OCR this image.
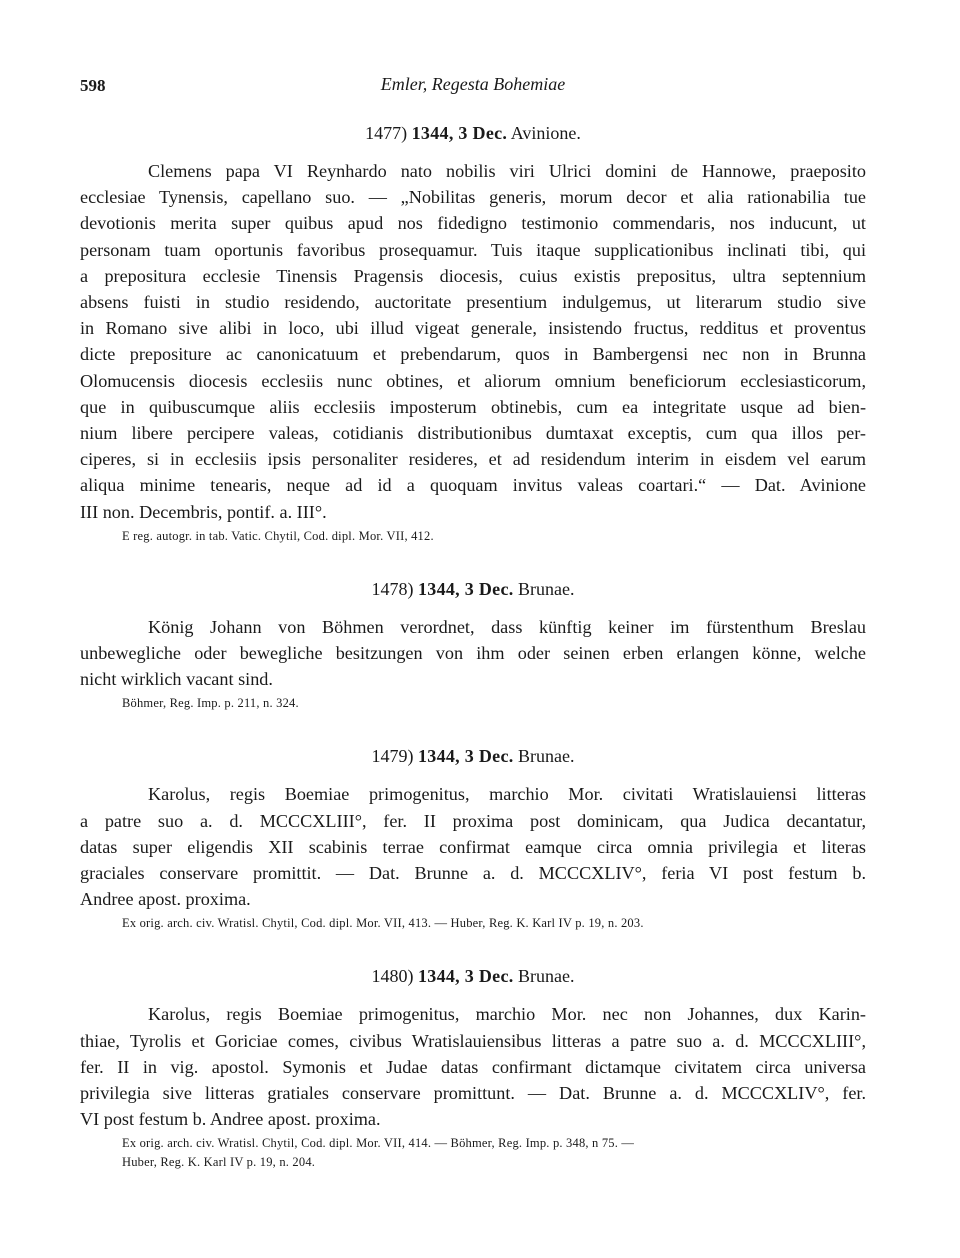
598	Emler, Regesta Bohemiae
1477) 1344, 3 Dec. Avinione.
Clemens papa VI Reynhardo nato nobilis viri Ulrici domini de Hannowe, praeposito
ecclesiae Tynensis, capellano suo. — „Nobilitas generis, morum decor et alia rationabilia tue
devotionis merita super quibus apud nos fidedigno testimonio commendaris, nos inducunt, ut
personam tuam oportunis favoribus prosequamur. Tuis itaque supplicationibus inclinati tibi, qui
a prepositura ecclesie Tinensis Pragensis diocesis, cuius existis prepositus, ultra septennium
absens fuisti in studio residendo, auctoritate presentium indulgemus, ut literarum studio sive
in Romano sive alibi in loco, ubi illud vigeat generale, insistendo fructus, redditus et proventus
dicte prepositure ac canonicatuum et prebendarum, quos in Bambergensi nec non in Brunna
Olomucensis diocesis ecclesiis nunc obtines, et aliorum omnium beneficiorum ecclesiasticorum,
que in quibuscumque aliis ecclesiis imposterum obtinebis, cum ea integritate usque ad bien-
nium libere percipere valeas, cotidianis distributionibus dumtaxat exceptis, cum qua illos per-
ciperes, si in ecclesiis ipsis personaliter resideres, et ad residendum interim in eisdem vel earum
aliqua minime tenearis, neque ad id a quoquam invitus valeas coartari.“ — Dat. Avinione
III non. Decembris, pontif. a. III°.
E reg. autogr. in tab. Vatic. Chytil, Cod. dipl. Mor. VII, 412.
1478) 1344, 3 Dec. Brunae.
König Johann von Böhmen verordnet, dass künftig keiner im fürstenthum Breslau
unbewegliche oder bewegliche besitzungen von ihm oder seinen erben erlangen könne, welche
nicht wirklich vacant sind.
Böhmer, Reg. Imp. p. 211, n. 324.
1479) 1344, 3 Dec. Brunae.
Karolus, regis Boemiae primogenitus, marchio Mor. civitati Wratislauiensi litteras
a patre suo a. d. MCCCXLIII°, fer. II proxima post dominicam, qua Judica decantatur,
datas super eligendis XII scabinis terrae confirmat eamque circa omnia privilegia et literas
graciales conservare promittit. — Dat. Brunne a. d. MCCCXLIV°, feria VI post festum b.
Andree apost. proxima.
Ex orig. arch. civ. Wratisl. Chytil, Cod. dipl. Mor. VII, 413. — Huber, Reg. K. Karl IV p. 19, n. 203.
1480) 1344, 3 Dec. Brunae.
Karolus, regis Boemiae primogenitus, marchio Mor. nec non Johannes, dux Karin-
thiae, Tyrolis et Goriciae comes, civibus Wratislauiensibus litteras a patre suo a. d. MCCCXLIII°,
fer. II in vig. apostol. Symonis et Judae datas confirmant dictamque civitatem circa universa
privilegia sive litteras gratiales conservare promittunt. — Dat. Brunne a. d. MCCCXLIV°, fer.
VI post festum b. Andree apost. proxima.
Ex orig. arch. civ. Wratisl. Chytil, Cod. dipl. Mor. VII, 414. — Böhmer, Reg. Imp. p. 348, n 75. —
Huber, Reg. K. Karl IV p. 19, n. 204.
